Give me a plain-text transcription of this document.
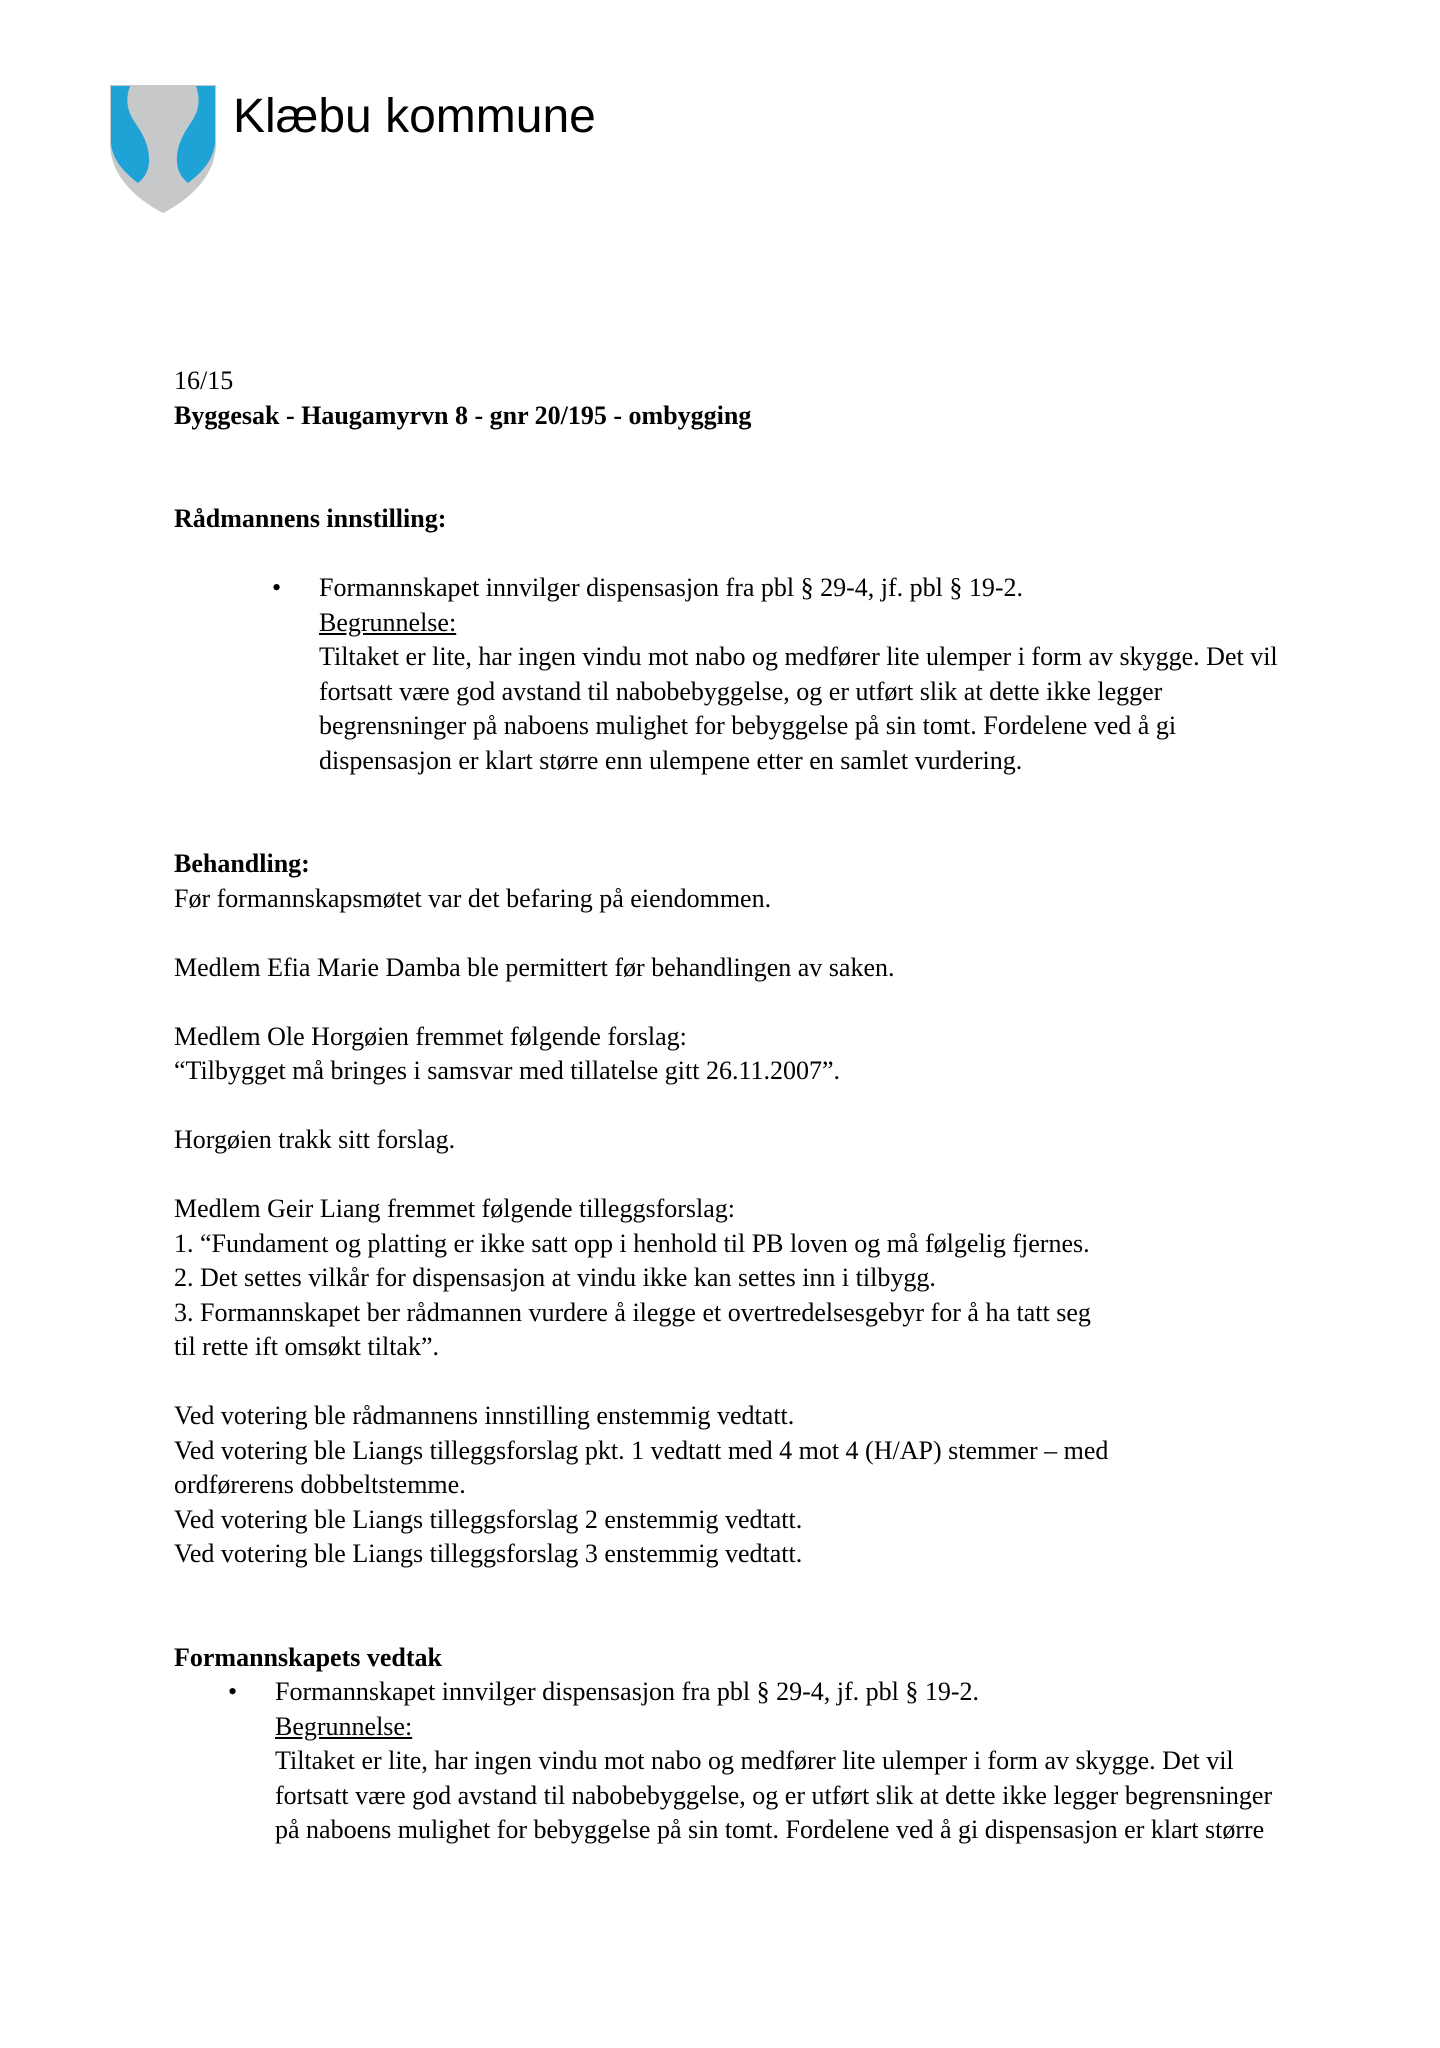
Klæbu kommune

16/15

Byggesak - Haugamyrvn 8 - gnr 20/195 - ombygging

Rådmannens innstilling:

• Formannskapet innvilger dispensasjon fra pbl § 29-4, jf. pbl § 19-2.

Begrunnelse:

Tiltaket er lite, har ingen vindu mot nabo og medfører lite ulemper i form av skygge. Det vil

fortsatt være god avstand til nabobebyggelse, og er utført slik at dette ikke legger

begrensninger på naboens mulighet for bebyggelse på sin tomt. Fordelene ved å gi

dispensasjon er klart større enn ulempene etter en samlet vurdering.

Behandling:

Før formannskapsmøtet var det befaring på eiendommen.

Medlem Efia Marie Damba ble permittert før behandlingen av saken.

Medlem Ole Horgøien fremmet følgende forslag:

“Tilbygget må bringes i samsvar med tillatelse gitt 26.11.2007”.

Horgøien trakk sitt forslag.

Medlem Geir Liang fremmet følgende tilleggsforslag:

1. “Fundament og platting er ikke satt opp i henhold til PB loven og må følgelig fjernes.

2. Det settes vilkår for dispensasjon at vindu ikke kan settes inn i tilbygg.

3. Formannskapet ber rådmannen vurdere å ilegge et overtredelsesgebyr for å ha tatt seg

til rette ift omsøkt tiltak”.

Ved votering ble rådmannens innstilling enstemmig vedtatt.

Ved votering ble Liangs tilleggsforslag pkt. 1 vedtatt med 4 mot 4 (H/AP) stemmer – med

ordførerens dobbeltstemme.

Ved votering ble Liangs tilleggsforslag 2 enstemmig vedtatt.

Ved votering ble Liangs tilleggsforslag 3 enstemmig vedtatt.

Formannskapets vedtak

• Formannskapet innvilger dispensasjon fra pbl § 29-4, jf. pbl § 19-2.

Begrunnelse:

Tiltaket er lite, har ingen vindu mot nabo og medfører lite ulemper i form av skygge. Det vil

fortsatt være god avstand til nabobebyggelse, og er utført slik at dette ikke legger begrensninger

på naboens mulighet for bebyggelse på sin tomt. Fordelene ved å gi dispensasjon er klart større
